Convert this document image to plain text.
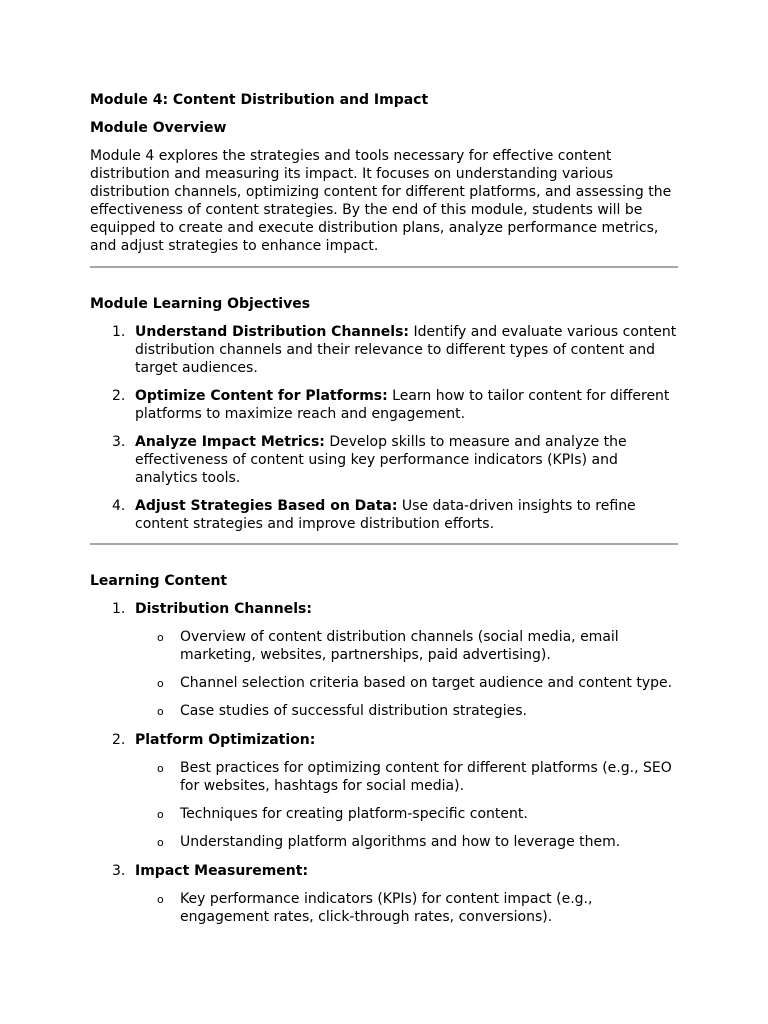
Module 4: Content Distribution and Impact

Module Overview

Module 4 explores the strategies and tools necessary for effective content distribution and measuring its impact. It focuses on understanding various distribution channels, optimizing content for different platforms, and assessing the effectiveness of content strategies. By the end of this module, students will be equipped to create and execute distribution plans, analyze performance metrics, and adjust strategies to enhance impact.

Module Learning Objectives

1. Understand Distribution Channels: Identify and evaluate various content distribution channels and their relevance to different types of content and target audiences.
2. Optimize Content for Platforms: Learn how to tailor content for different platforms to maximize reach and engagement.
3. Analyze Impact Metrics: Develop skills to measure and analyze the effectiveness of content using key performance indicators (KPIs) and analytics tools.
4. Adjust Strategies Based on Data: Use data-driven insights to refine content strategies and improve distribution efforts.

Learning Content

1. Distribution Channels:
o Overview of content distribution channels (social media, email marketing, websites, partnerships, paid advertising).
o Channel selection criteria based on target audience and content type.
o Case studies of successful distribution strategies.
2. Platform Optimization:
o Best practices for optimizing content for different platforms (e.g., SEO for websites, hashtags for social media).
o Techniques for creating platform-specific content.
o Understanding platform algorithms and how to leverage them.
3. Impact Measurement:
o Key performance indicators (KPIs) for content impact (e.g., engagement rates, click-through rates, conversions).
